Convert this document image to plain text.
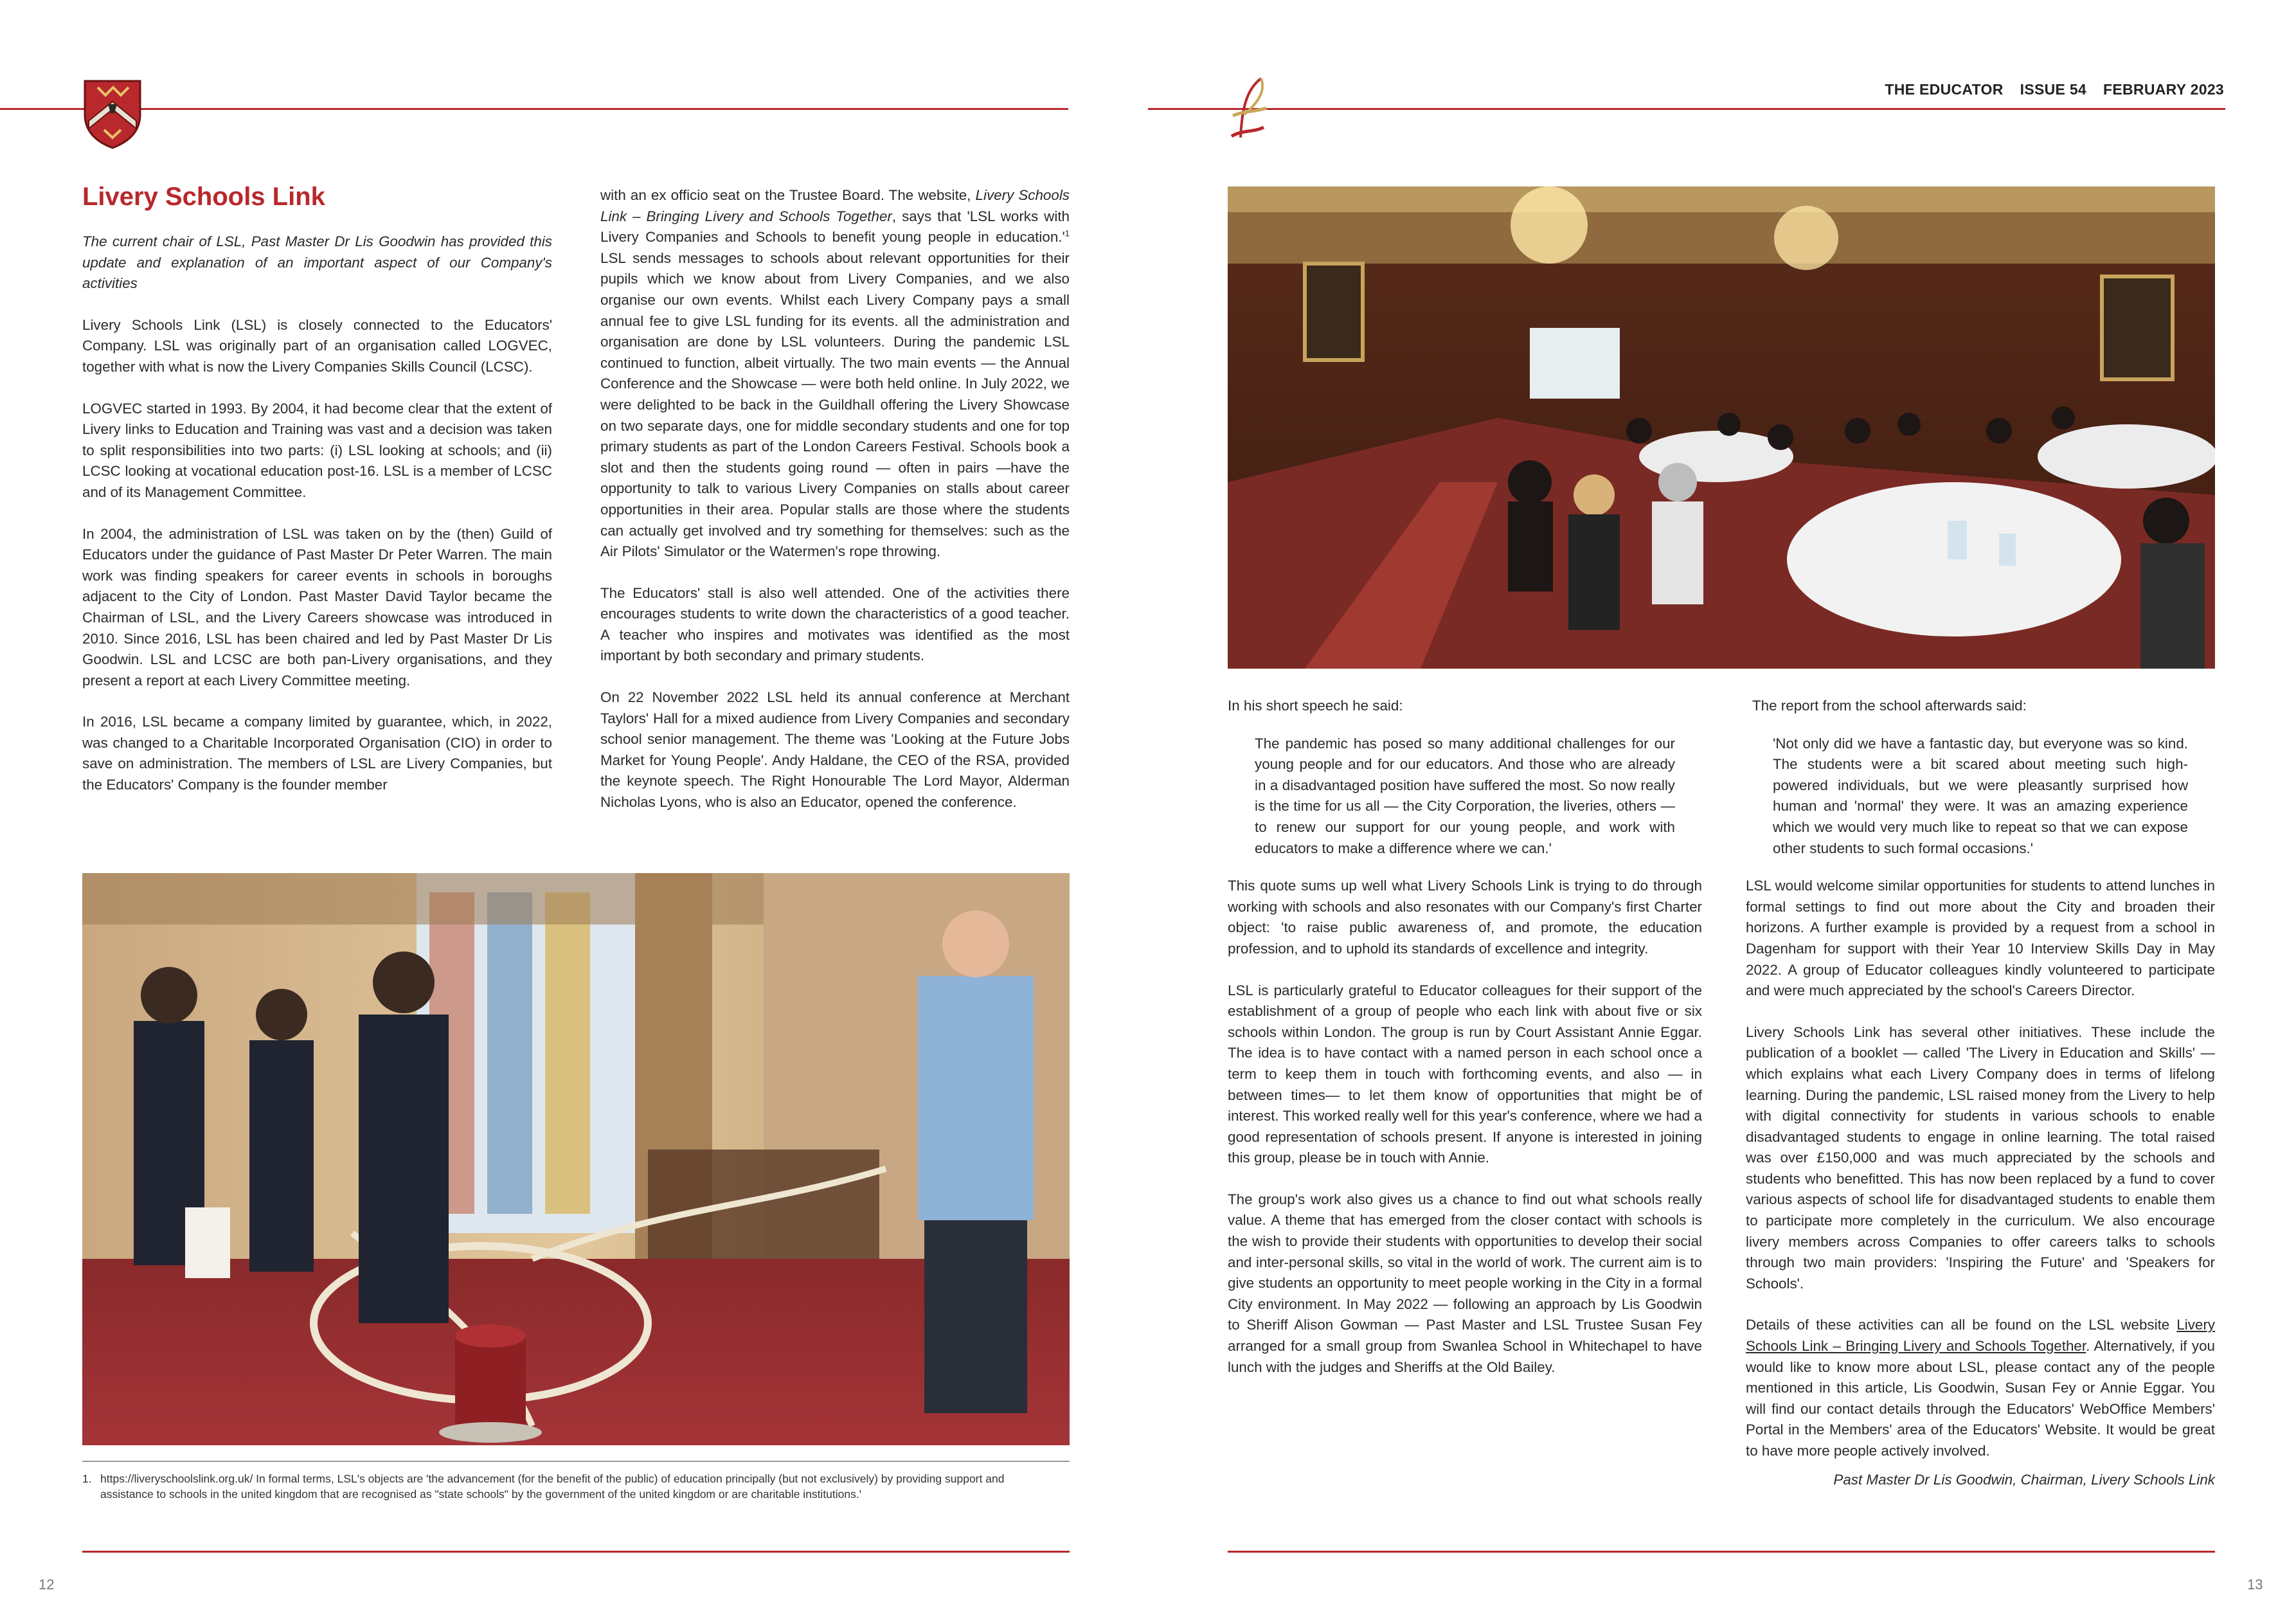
Livery Schools Link

The current chair of LSL, Past Master Dr Lis Goodwin has provided this update and explanation of an important aspect of our Company's activities

Livery Schools Link (LSL) is closely connected to the Educators' Company. LSL was originally part of an organisation called LOGVEC, together with what is now the Livery Companies Skills Council (LCSC).

LOGVEC started in 1993. By 2004, it had become clear that the extent of Livery links to Education and Training was vast and a decision was taken to split responsibilities into two parts: (i) LSL looking at schools; and (ii) LCSC looking at vocational education post-16. LSL is a member of LCSC and of its Management Committee.

In 2004, the administration of LSL was taken on by the (then) Guild of Educators under the guidance of Past Master Dr Peter Warren. The main work was finding speakers for career events in schools in boroughs adjacent to the City of London. Past Master David Taylor became the Chairman of LSL, and the Livery Careers showcase was introduced in 2010. Since 2016, LSL has been chaired and led by Past Master Dr Lis Goodwin. LSL and LCSC are both pan-Livery organisations, and they present a report at each Livery Committee meeting.

In 2016, LSL became a company limited by guarantee, which, in 2022, was changed to a Charitable Incorporated Organisation (CIO) in order to save on administration. The members of LSL are Livery Companies, but the Educators' Company is the founder member

with an ex officio seat on the Trustee Board. The website, Livery Schools Link – Bringing Livery and Schools Together, says that 'LSL works with Livery Companies and Schools to benefit young people in $education.'^1$ LSL sends messages to schools about relevant opportunities for their pupils which we know about from Livery Companies, and we also organise our own events. Whilst each Livery Company pays a small annual fee to give LSL funding for its events. all the administration and organisation are done by LSL volunteers. During the pandemic LSL continued to function, albeit virtually. The two main events — the Annual Conference and the Showcase — were both held online. In July 2022, we were delighted to be back in the Guildhall offering the Livery Showcase on two separate days, one for middle secondary students and one for top primary students as part of the London Careers Festival. Schools book a slot and then the students going round — often in pairs —have the opportunity to talk to various Livery Companies on stalls about career opportunities in their area. Popular stalls are those where the students can actually get involved and try something for themselves: such as the Air Pilots' Simulator or the Watermen's rope throwing.

The Educators' stall is also well attended. One of the activities there encourages students to write down the characteristics of a good teacher. A teacher who inspires and motivates was identified as the most important by both secondary and primary students.

On 22 November 2022 LSL held its annual conference at Merchant Taylors' Hall for a mixed audience from Livery Companies and secondary school senior management. The theme was 'Looking at the Future Jobs Market for Young People'. Andy Haldane, the CEO of the RSA, provided the keynote speech. The Right Honourable The Lord Mayor, Alderman Nicholas Lyons, who is also an Educator, opened the conference.

1. https://liveryschoolslink.org.uk/ In formal terms, LSL's objects are 'the advancement (for the benefit of the public) of education principally (but not exclusively) by providing support and assistance to schools in the united kingdom that are recognised as "state schools" by the government of the united kingdom or are charitable institutions.'
12
THE EDUCATOR ISSUE 54 FEBRUARY 2023

In his short speech he said:

The pandemic has posed so many additional challenges for our young people and for our educators. And those who are already in a disadvantaged position have suffered the most. So now really is the time for us all — the City Corporation, the liveries, others — to renew our support for our young people, and work with educators to make a difference where we can.'

This quote sums up well what Livery Schools Link is trying to do through working with schools and also resonates with our Company's first Charter object: 'to raise public awareness of, and promote, the education profession, and to uphold its standards of excellence and integrity.

LSL is particularly grateful to Educator colleagues for their support of the establishment of a group of people who each link with about five or six schools within London. The group is run by Court Assistant Annie Eggar. The idea is to have contact with a named person in each school once a term to keep them in touch with forthcoming events, and also — in between times— to let them know of opportunities that might be of interest. This worked really well for this year's conference, where we had a good representation of schools present. If anyone is interested in joining this group, please be in touch with Annie.

The group's work also gives us a chance to find out what schools really value. A theme that has emerged from the closer contact with schools is the wish to provide their students with opportunities to develop their social and inter-personal skills, so vital in the world of work. The current aim is to give students an opportunity to meet people working in the City in a formal City environment. In May 2022 — following an approach by Lis Goodwin to Sheriff Alison Gowman — Past Master and LSL Trustee Susan Fey arranged for a small group from Swanlea School in Whitechapel to have lunch with the judges and Sheriffs at the Old Bailey.

The report from the school afterwards said:

'Not only did we have a fantastic day, but everyone was so kind. The students were a bit scared about meeting such high-powered individuals, but we were pleasantly surprised how human and 'normal' they were. It was an amazing experience which we would very much like to repeat so that we can expose other students to such formal occasions.'

LSL would welcome similar opportunities for students to attend lunches in formal settings to find out more about the City and broaden their horizons. A further example is provided by a request from a school in Dagenham for support with their Year 10 Interview Skills Day in May 2022. A group of Educator colleagues kindly volunteered to participate and were much appreciated by the school's Careers Director.

Livery Schools Link has several other initiatives. These include the publication of a booklet — called 'The Livery in Education and Skills' — which explains what each Livery Company does in terms of lifelong learning. During the pandemic, LSL raised money from the Livery to help with digital connectivity for students in various schools to enable disadvantaged students to engage in online learning. The total raised was over £150,000 and was much appreciated by the schools and students who benefitted. This has now been replaced by a fund to cover various aspects of school life for disadvantaged students to enable them to participate more completely in the curriculum. We also encourage livery members across Companies to offer careers talks to schools through two main providers: 'Inspiring the Future' and 'Speakers for Schools'.

Details of these activities can all be found on the LSL website Livery Schools Link – Bringing Livery and Schools Together. Alternatively, if you would like to know more about LSL, please contact any of the people mentioned in this article, Lis Goodwin, Susan Fey or Annie Eggar. You will find our contact details through the Educators' WebOffice Members' Portal in the Members' area of the Educators' Website. It would be great to have more people actively involved.

Past Master Dr Lis Goodwin, Chairman, Livery Schools Link

13
